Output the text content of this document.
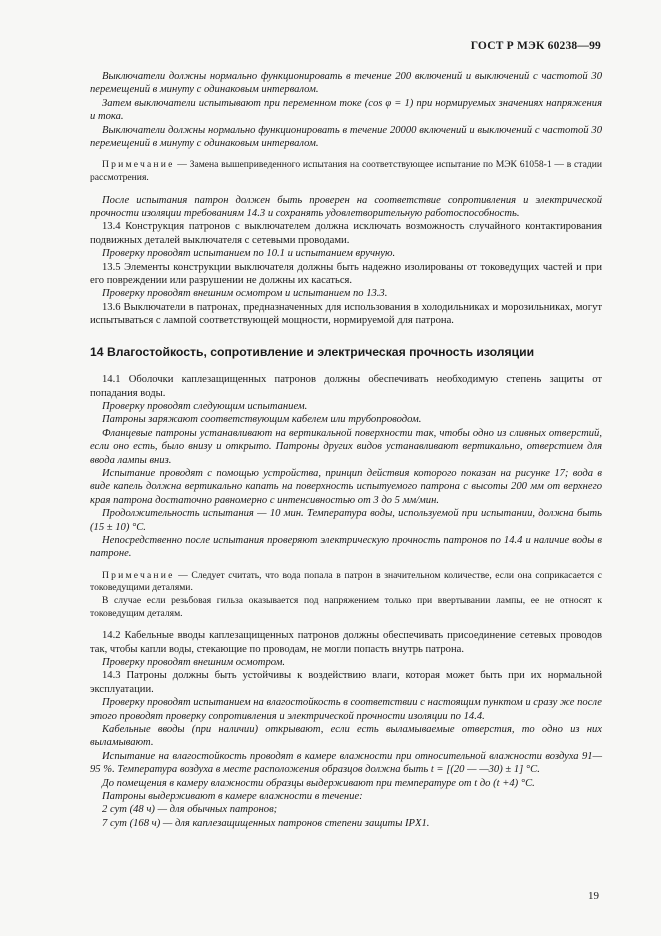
ГОСТ Р МЭК 60238—99

Выключатели должны нормально функционировать в течение 200 включений и выключений с частотой 30 перемещений в минуту с одинаковым интервалом.

Затем выключатели испытывают при переменном токе (cos φ = 1) при нормируемых значениях напряжения и тока.

Выключатели должны нормально функционировать в течение 20000 включений и выключений с частотой 30 перемещений в минуту с одинаковым интервалом.

Примечание — Замена вышеприведенного испытания на соответствующее испытание по МЭК 61058-1 — в стадии рассмотрения.

После испытания патрон должен быть проверен на соответствие сопротивления и электрической прочности изоляции требованиям 14.3 и сохранять удовлетворительную работоспособность.

13.4 Конструкция патронов с выключателем должна исключать возможность случайного контактирования подвижных деталей выключателя с сетевыми проводами.

Проверку проводят испытанием по 10.1 и испытанием вручную.

13.5 Элементы конструкции выключателя должны быть надежно изолированы от токоведущих частей и при его повреждении или разрушении не должны их касаться.

Проверку проводят внешним осмотром и испытанием по 13.3.

13.6 Выключатели в патронах, предназначенных для использования в холодильниках и морозильниках, могут испытываться с лампой соответствующей мощности, нормируемой для патрона.

14 Влагостойкость, сопротивление и электрическая прочность изоляции

14.1 Оболочки каплезащищенных патронов должны обеспечивать необходимую степень защиты от попадания воды.

Проверку проводят следующим испытанием.

Патроны заряжают соответствующим кабелем или трубопроводом.

Фланцевые патроны устанавливают на вертикальной поверхности так, чтобы одно из сливных отверстий, если оно есть, было внизу и открыто. Патроны других видов устанавливают вертикально, отверстием для ввода лампы вниз.

Испытание проводят с помощью устройства, принцип действия которого показан на рисунке 17; вода в виде капель должна вертикально капать на поверхность испытуемого патрона с высоты 200 мм от верхнего края патрона достаточно равномерно с интенсивностью от 3 до 5 мм/мин.

Продолжительность испытания — 10 мин. Температура воды, используемой при испытании, должна быть (15 ± 10) °С.

Непосредственно после испытания проверяют электрическую прочность патронов по 14.4 и наличие воды в патроне.

Примечание — Следует считать, что вода попала в патрон в значительном количестве, если она соприкасается с токоведущими деталями.

В случае если резьбовая гильза оказывается под напряжением только при ввертывании лампы, ее не относят к токоведущим деталям.

14.2 Кабельные вводы каплезащищенных патронов должны обеспечивать присоединение сетевых проводов так, чтобы капли воды, стекающие по проводам, не могли попасть внутрь патрона.

Проверку проводят внешним осмотром.

14.3 Патроны должны быть устойчивы к воздействию влаги, которая может быть при их нормальной эксплуатации.

Проверку проводят испытанием на влагостойкость в соответствии с настоящим пунктом и сразу же после этого проводят проверку сопротивления и электрической прочности изоляции по 14.4.

Кабельные вводы (при наличии) открывают, если есть выламываемые отверстия, то одно из них выламывают.

Испытание на влагостойкость проводят в камере влажности при относительной влажности воздуха 91—95 %. Температура воздуха в месте расположения образцов должна быть t = [(20 — —30) ± 1] °С.

До помещения в камеру влажности образцы выдерживают при температуре от t до (t +4) °С.

Патроны выдерживают в камере влажности в течение:

2 сут (48 ч) — для обычных патронов;

7 сут (168 ч) — для каплезащищенных патронов степени защиты IPX1.

19
